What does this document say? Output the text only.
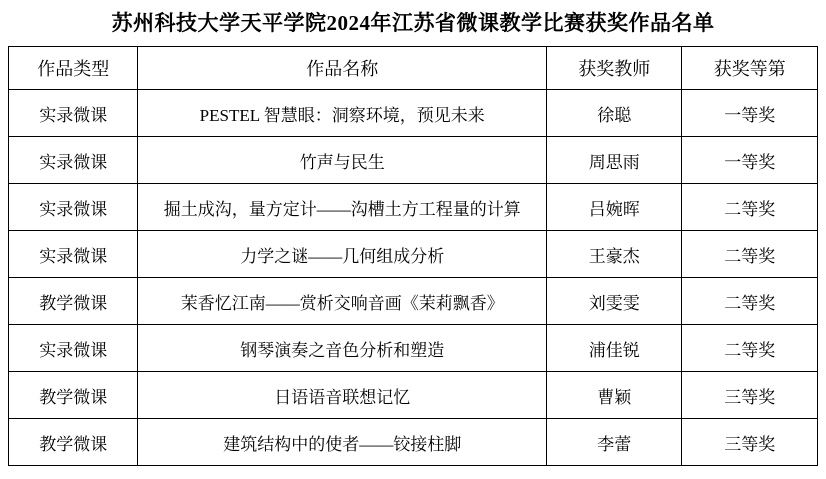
苏州科技大学天平学院2024年江苏省微课教学比赛获奖作品名单
作品类型	作品名称	获奖教师	获奖等第
实录微课	PESTEL 智慧眼：洞察环境，预见未来	徐聪	一等奖
实录微课	竹声与民生	周思雨	一等奖
实录微课	掘土成沟，量方定计——沟槽土方工程量的计算	吕婉晖	二等奖
实录微课	力学之谜——几何组成分析	王豪杰	二等奖
教学微课	茉香忆江南——赏析交响音画《茉莉飘香》	刘雯雯	二等奖
实录微课	钢琴演奏之音色分析和塑造	浦佳锐	二等奖
教学微课	日语语音联想记忆	曹颖	三等奖
教学微课	建筑结构中的使者——铰接柱脚	李蕾	三等奖
